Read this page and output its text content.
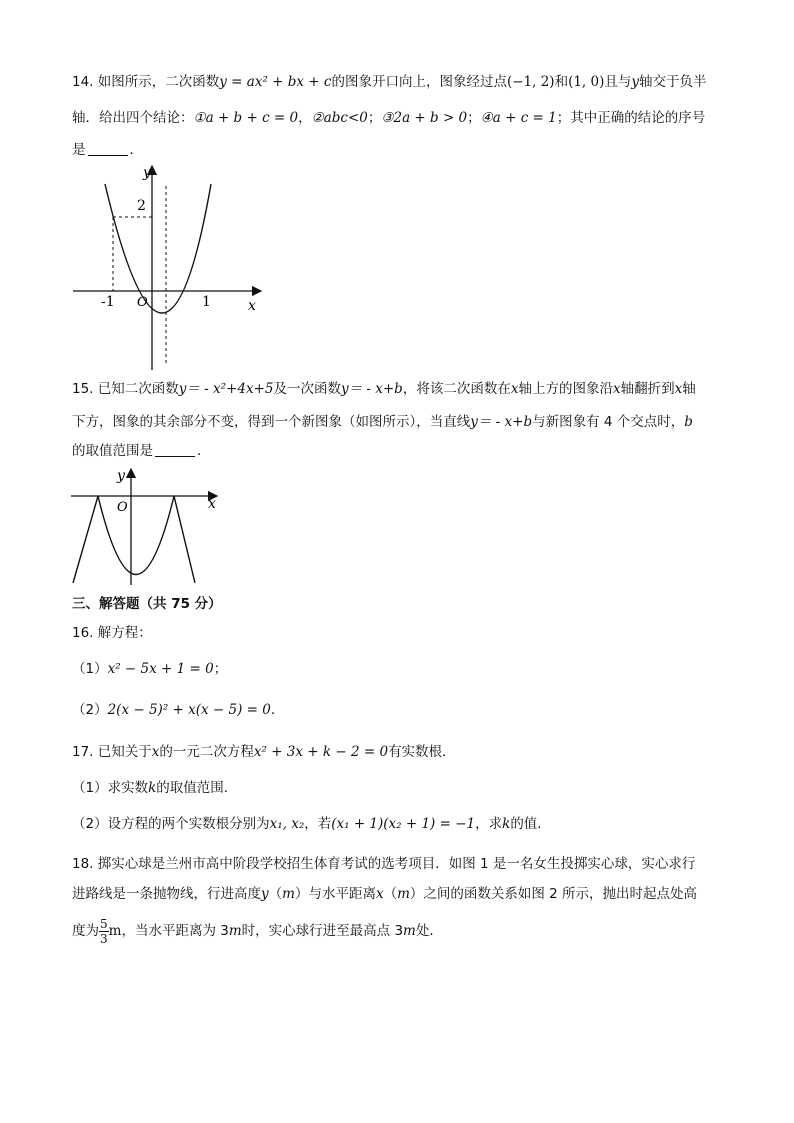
14. 如图所示，二次函数y = ax² + bx + c的图象开口向上，图象经过点(−1, 2)和(1, 0)且与y轴交于负半
轴．给出四个结论：①a + b + c = 0，②abc<0；③2a + b > 0；④a + c = 1；其中正确的结论的序号
是	．
y
x
O
2
-1	1
15. 已知二次函数y＝ - x²+4x+5及一次函数y＝ - x+b，将该二次函数在x轴上方的图象沿x轴翻折到x轴
下方，图象的其余部分不变，得到一个新图象（如图所示），当直线y＝ - x+b与新图象有 4 个交点时，b
的取值范围是	．
y
x
O
三、解答题（共 75 分）
16. 解方程：
（1）x² − 5x + 1 = 0；
（2）2(x − 5)² + x(x − 5) = 0．
17. 已知关于x的一元二次方程x² + 3x + k − 2 = 0有实数根．
（1）求实数k的取值范围．
（2）设方程的两个实数根分别为x₁, x₂，若(x₁ + 1)(x₂ + 1) = −1，求k的值．
18. 掷实心球是兰州市高中阶段学校招生体育考试的选考项目．如图 1 是一名女生投掷实心球，实心求行
进路线是一条抛物线，行进高度y（m）与水平距离x（m）之间的函数关系如图 2 所示，抛出时起点处高
度为 $\frac{5}{3}$ m，当水平距离为 3m时，实心球行进至最高点 3m处．
